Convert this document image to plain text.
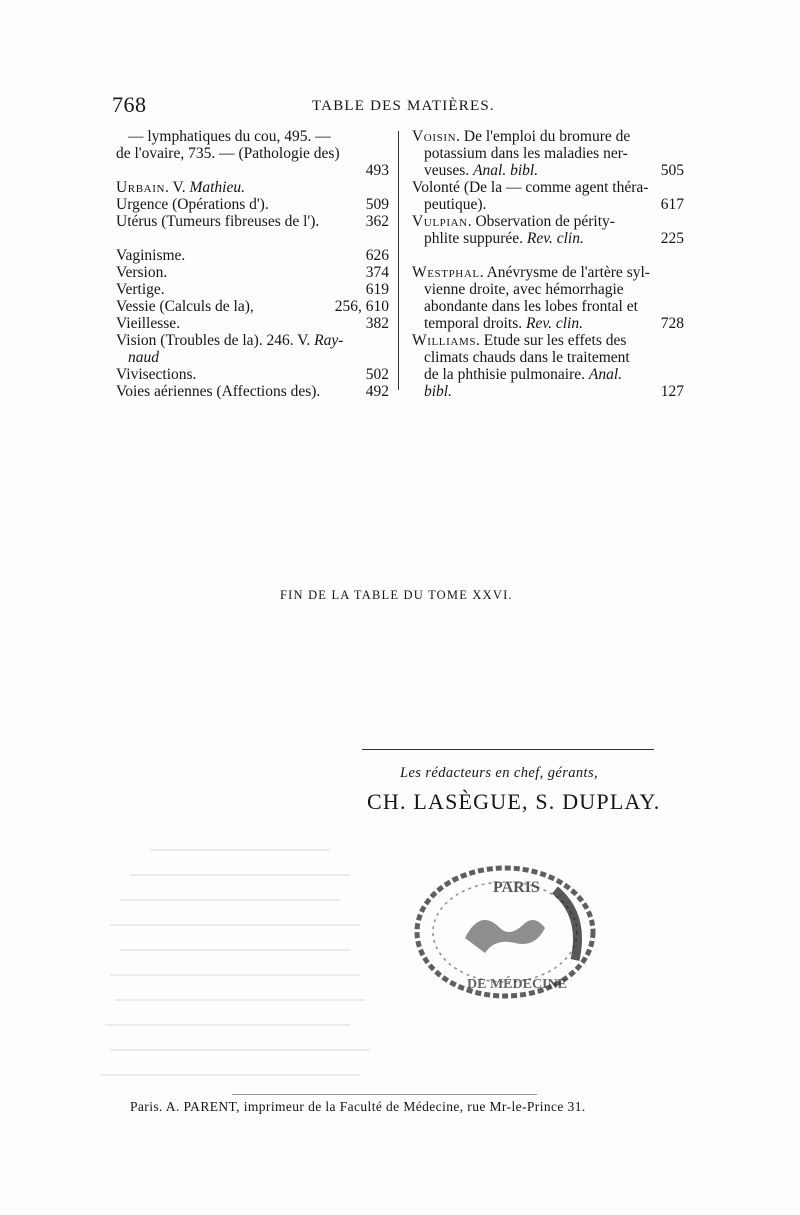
768	TABLE DES MATIÈRES.
— lymphatiques du cou, 495. —
de l'ovaire, 735. — (Pathologie des)
493

Urbain. V. Mathieu.
509
Urgence (Opérations d').
362
Utérus (Tumeurs fibreuses de l').
626
Vaginisme.
374
Version.
619
Vertige.
256, 610
Vessie (Calculs de la),
382
Vieillesse.
Vision (Troubles de la). 246. V. Ray-
naud
502
Vivisections.
492
Voies aériennes (Affections des).
Voisin. De l'emploi du bromure de
potassium dans les maladies ner-
505
veuses. Anal. bibl.
Volonté (De la — comme agent théra-
617
peutique).
Vulpian. Observation de périty-
225
phlite suppurée. Rev. clin.
Westphal. Anévrysme de l'artère syl-
vienne droite, avec hémorrhagie
abondante dans les lobes frontal et
728
temporal droits. Rev. clin.
Williams. Etude sur les effets des
climats chauds dans le traitement
de la phthisie pulmonaire. Anal.
127
bibl.
FIN DE LA TABLE DU TOME XXVI.
Les rédacteurs en chef, gérants,
CH. LASÈGUE, S. DUPLAY.
PARIS
DE MÉDECINE
Paris. A. PARENT, imprimeur de la Faculté de Médecine, rue Mr-le-Prince 31.
